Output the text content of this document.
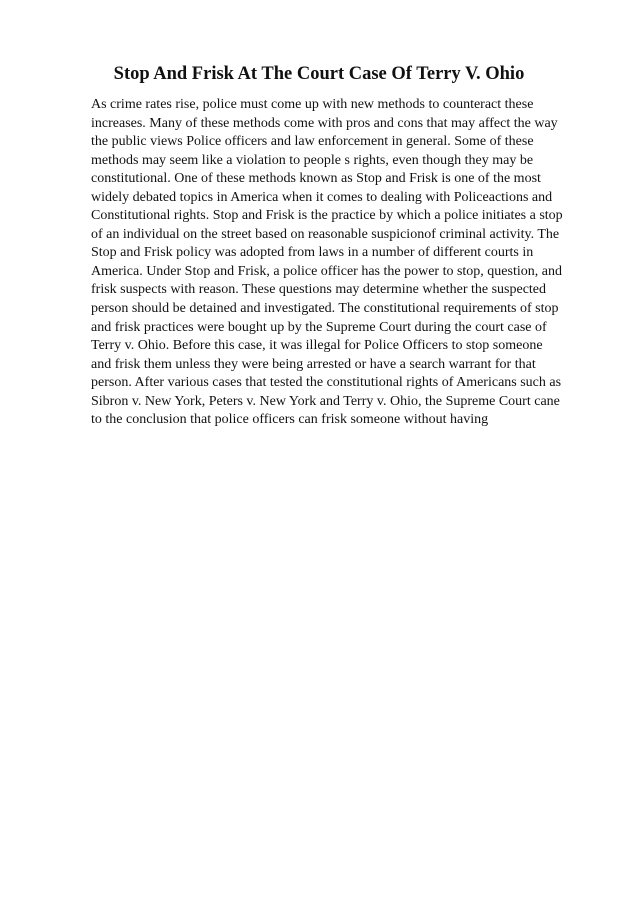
Stop And Frisk At The Court Case Of Terry V. Ohio
As crime rates rise, police must come up with new methods to counteract these
increases. Many of these methods come with pros and cons that may affect the way
the public views Police officers and law enforcement in general. Some of these
methods may seem like a violation to people s rights, even though they may be
constitutional. One of these methods known as Stop and Frisk is one of the most
widely debated topics in America when it comes to dealing with Policeactions and
Constitutional rights. Stop and Frisk is the practice by which a police initiates a stop
of an individual on the street based on reasonable suspicionof criminal activity. The
Stop and Frisk policy was adopted from laws in a number of different courts in
America. Under Stop and Frisk, a police officer has the power to stop, question, and
frisk suspects with reason. These questions may determine whether the suspected
person should be detained and investigated. The constitutional requirements of stop
and frisk practices were bought up by the Supreme Court during the court case of
Terry v. Ohio. Before this case, it was illegal for Police Officers to stop someone
and frisk them unless they were being arrested or have a search warrant for that
person. After various cases that tested the constitutional rights of Americans such as
Sibron v. New York, Peters v. New York and Terry v. Ohio, the Supreme Court cane
to the conclusion that police officers can frisk someone without having
